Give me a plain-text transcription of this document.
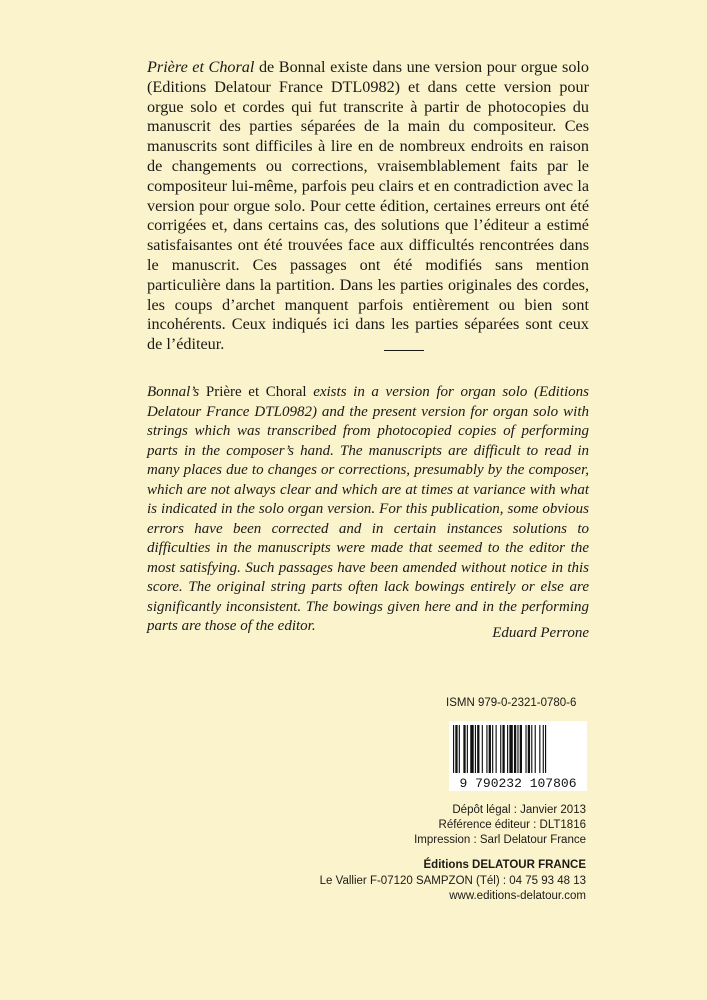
Prière et Choral de Bonnal existe dans une version pour orgue solo (Editions Delatour France DTL0982) et dans cette version pour orgue solo et cordes qui fut transcrite à partir de photocopies du manuscrit des parties séparées de la main du compositeur. Ces manuscrits sont difficiles à lire en de nombreux endroits en raison de changements ou corrections, vraisemblablement faits par le compositeur lui-même, parfois peu clairs et en contradiction avec la version pour orgue solo. Pour cette édition, certaines erreurs ont été corrigées et, dans certains cas, des solutions que l’éditeur a estimé satisfaisantes ont été trouvées face aux difficultés rencontrées dans le manuscrit. Ces passages ont été modifiés sans mention particulière dans la partition. Dans les parties originales des cordes, les coups d’archet manquent parfois entièrement ou bien sont incohérents. Ceux indiqués ici dans les parties séparées sont ceux de l’éditeur.

Bonnal’s Prière et Choral exists in a version for organ solo (Editions Delatour France DTL0982) and the present version for organ solo with strings which was transcribed from photocopied copies of performing parts in the composer’s hand. The manuscripts are difficult to read in many places due to changes or corrections, presumably by the composer, which are not always clear and which are at times at variance with what is indicated in the solo organ version. For this publication, some obvious errors have been corrected and in certain instances solutions to difficulties in the manuscripts were made that seemed to the editor the most satisfying. Such passages have been amended without notice in this score. The original string parts often lack bowings entirely or else are significantly inconsistent. The bowings given here and in the performing parts are those of the editor.	Eduard Perrone
ISMN 979-0-2321-0780-6
9 790232 107806
Dépôt légal : Janvier 2013
Référence éditeur : DLT1816
Impression : Sarl Delatour France
Éditions DELATOUR FRANCE
Le Vallier F-07120 SAMPZON (Tél) : 04 75 93 48 13
www.editions-delatour.com
